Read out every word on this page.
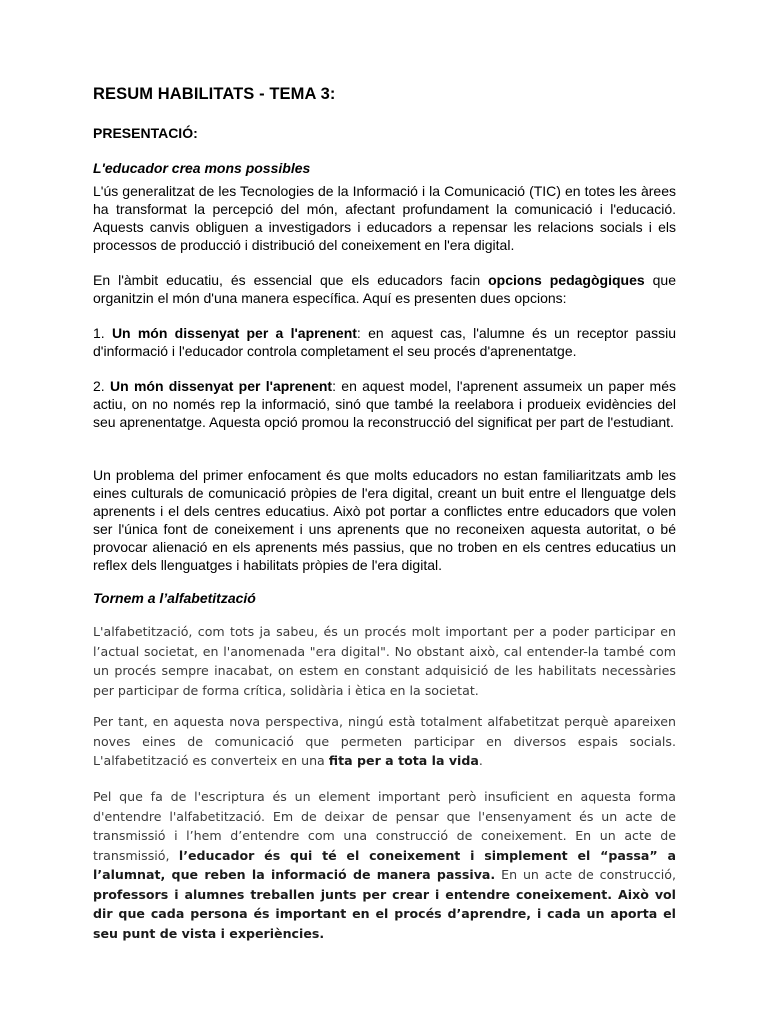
RESUM HABILITATS - TEMA 3:
PRESENTACIÓ:
L'educador crea mons possibles

L'ús generalitzat de les Tecnologies de la Informació i la Comunicació (TIC) en totes les àrees ha transformat la percepció del món, afectant profundament la comunicació i l'educació. Aquests canvis obliguen a investigadors i educadors a repensar les relacions socials i els processos de producció i distribució del coneixement en l'era digital.

En l'àmbit educatiu, és essencial que els educadors facin opcions pedagògiques que organitzin el món d'una manera específica. Aquí es presenten dues opcions:

1. Un món dissenyat per a l'aprenent: en aquest cas, l'alumne és un receptor passiu d'informació i l'educador controla completament el seu procés d'aprenentatge.

2. Un món dissenyat per l'aprenent: en aquest model, l'aprenent assumeix un paper més actiu, on no només rep la informació, sinó que també la reelabora i produeix evidències del seu aprenentatge. Aquesta opció promou la reconstrucció del significat per part de l'estudiant.

Un problema del primer enfocament és que molts educadors no estan familiaritzats amb les eines culturals de comunicació pròpies de l'era digital, creant un buit entre el llenguatge dels aprenents i el dels centres educatius. Això pot portar a conflictes entre educadors que volen ser l'única font de coneixement i uns aprenents que no reconeixen aquesta autoritat, o bé provocar alienació en els aprenents més passius, que no troben en els centres educatius un reflex dels llenguatges i habilitats pròpies de l'era digital.

Tornem a l’alfabetització

L'alfabetització, com tots ja sabeu, és un procés molt important per a poder participar en l’actual societat, en l'anomenada "era digital". No obstant això, cal entender-la també com un procés sempre inacabat, on estem en constant adquisició de les habilitats necessàries per participar de forma crítica, solidària i ètica en la societat.

Per tant, en aquesta nova perspectiva, ningú està totalment alfabetitzat perquè apareixen noves eines de comunicació que permeten participar en diversos espais socials. L'alfabetització es converteix en una fita per a tota la vida.

Pel que fa de l'escriptura és un element important però insuficient en aquesta forma d'entendre l'alfabetització. Em de deixar de pensar que l'ensenyament és un acte de transmissió i l’hem d’entendre com una construcció de coneixement. En un acte de transmissió, l’educador és qui té el coneixement i simplement el “passa” a l’alumnat, que reben la informació de manera passiva. En un acte de construcció, professors i alumnes treballen junts per crear i entendre coneixement. Això vol dir que cada persona és important en el procés d’aprendre, i cada un aporta el seu punt de vista i experiències.
